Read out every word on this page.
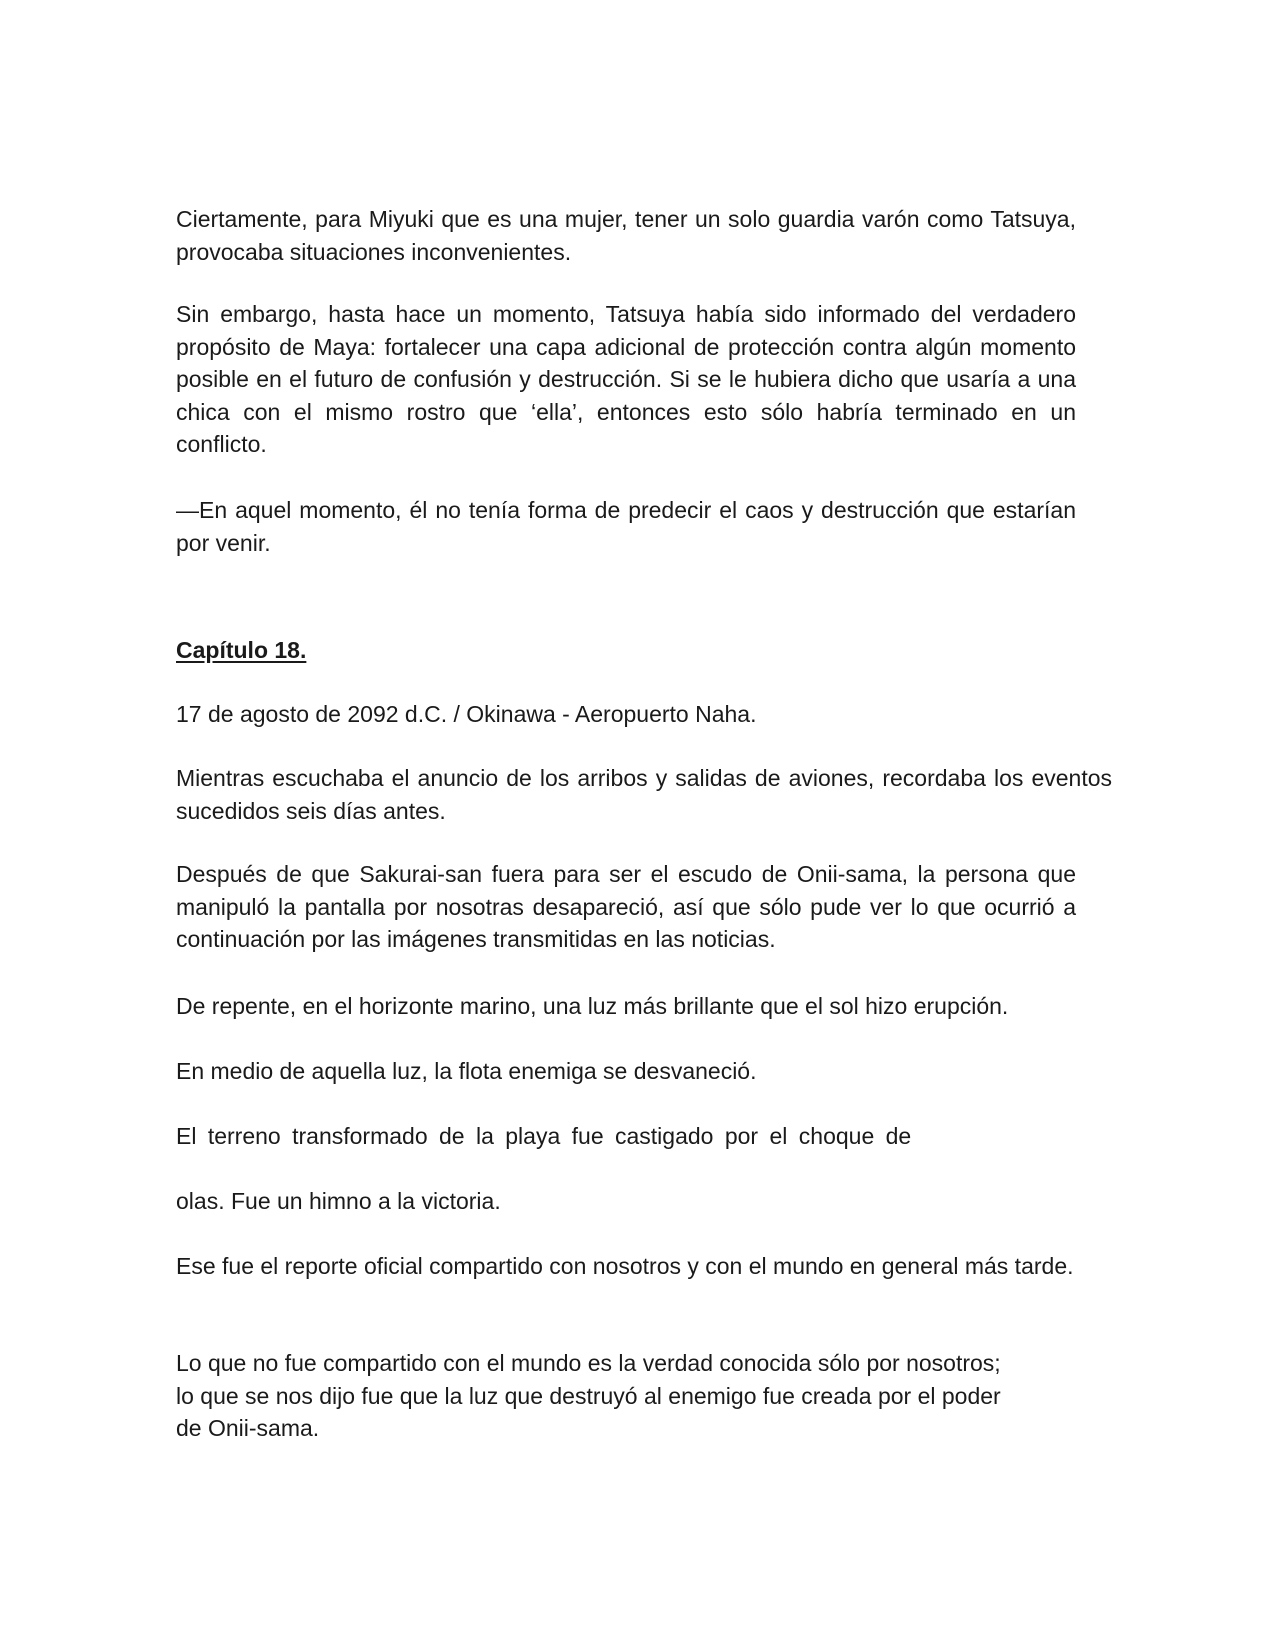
Ciertamente, para Miyuki que es una mujer, tener un solo guardia varón como Tatsuya, provocaba situaciones inconvenientes.

Sin embargo, hasta hace un momento, Tatsuya había sido informado del verdadero propósito de Maya: fortalecer una capa adicional de protección contra algún momento posible en el futuro de confusión y destrucción. Si se le hubiera dicho que usaría a una chica con el mismo rostro que ‘ella’, entonces esto sólo habría terminado en un conflicto.

—En aquel momento, él no tenía forma de predecir el caos y destrucción que estarían por venir.

Capítulo 18.

17 de agosto de 2092 d.C. / Okinawa - Aeropuerto Naha.

Mientras escuchaba el anuncio de los arribos y salidas de aviones, recordaba los eventos sucedidos seis días antes.

Después de que Sakurai-san fuera para ser el escudo de Onii-sama, la persona que manipuló la pantalla por nosotras desapareció, así que sólo pude ver lo que ocurrió a continuación por las imágenes transmitidas en las noticias.

De repente, en el horizonte marino, una luz más brillante que el sol hizo erupción.

En medio de aquella luz, la flota enemiga se desvaneció.

El terreno transformado de la playa fue castigado por el choque de

olas. Fue un himno a la victoria.

Ese fue el reporte oficial compartido con nosotros y con el mundo en general más tarde.

Lo que no fue compartido con el mundo es la verdad conocida sólo por nosotros;
lo que se nos dijo fue que la luz que destruyó al enemigo fue creada por el poder
de Onii-sama.
